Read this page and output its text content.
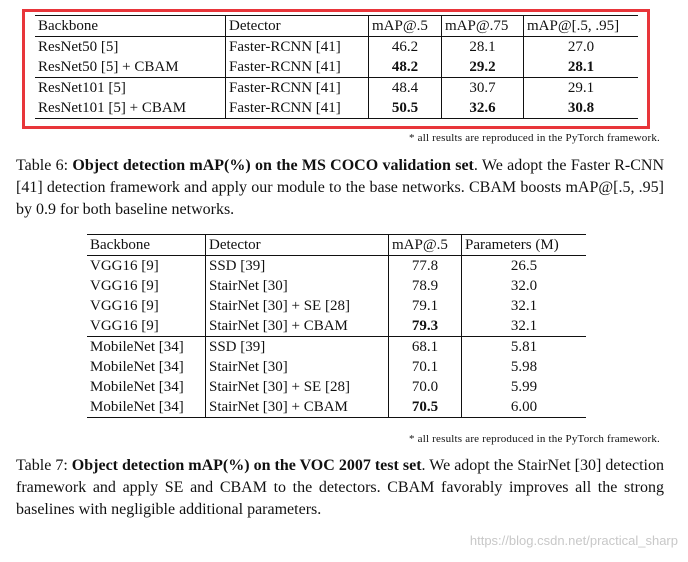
Backbone	Detector	mAP@.5	mAP@.75	mAP@[.5, .95]
ResNet50 [5]	Faster-RCNN [41]	46.2	28.1	27.0
ResNet50 [5] + CBAM	Faster-RCNN [41]	48.2	29.2	28.1
ResNet101 [5]	Faster-RCNN [41]	48.4	30.7	29.1
ResNet101 [5] + CBAM	Faster-RCNN [41]	50.5	32.6	30.8
* all results are reproduced in the PyTorch framework.
Table 6: Object detection mAP(%) on the MS COCO validation set. We adopt the Faster R-CNN [41] detection framework and apply our module to the base networks. CBAM boosts mAP@[.5, .95] by 0.9 for both baseline networks.
Backbone	Detector	mAP@.5	Parameters (M)
VGG16 [9]	SSD [39]	77.8	26.5
VGG16 [9]	StairNet [30]	78.9	32.0
VGG16 [9]	StairNet [30] + SE [28]	79.1	32.1
VGG16 [9]	StairNet [30] + CBAM	79.3	32.1
MobileNet [34]	SSD [39]	68.1	5.81
MobileNet [34]	StairNet [30]	70.1	5.98
MobileNet [34]	StairNet [30] + SE [28]	70.0	5.99
MobileNet [34]	StairNet [30] + CBAM	70.5	6.00
* all results are reproduced in the PyTorch framework.
Table 7: Object detection mAP(%) on the VOC 2007 test set. We adopt the StairNet [30] detection framework and apply SE and CBAM to the detectors. CBAM favorably improves all the strong baselines with negligible additional parameters.
https://blog.csdn.net/practical_sharp
